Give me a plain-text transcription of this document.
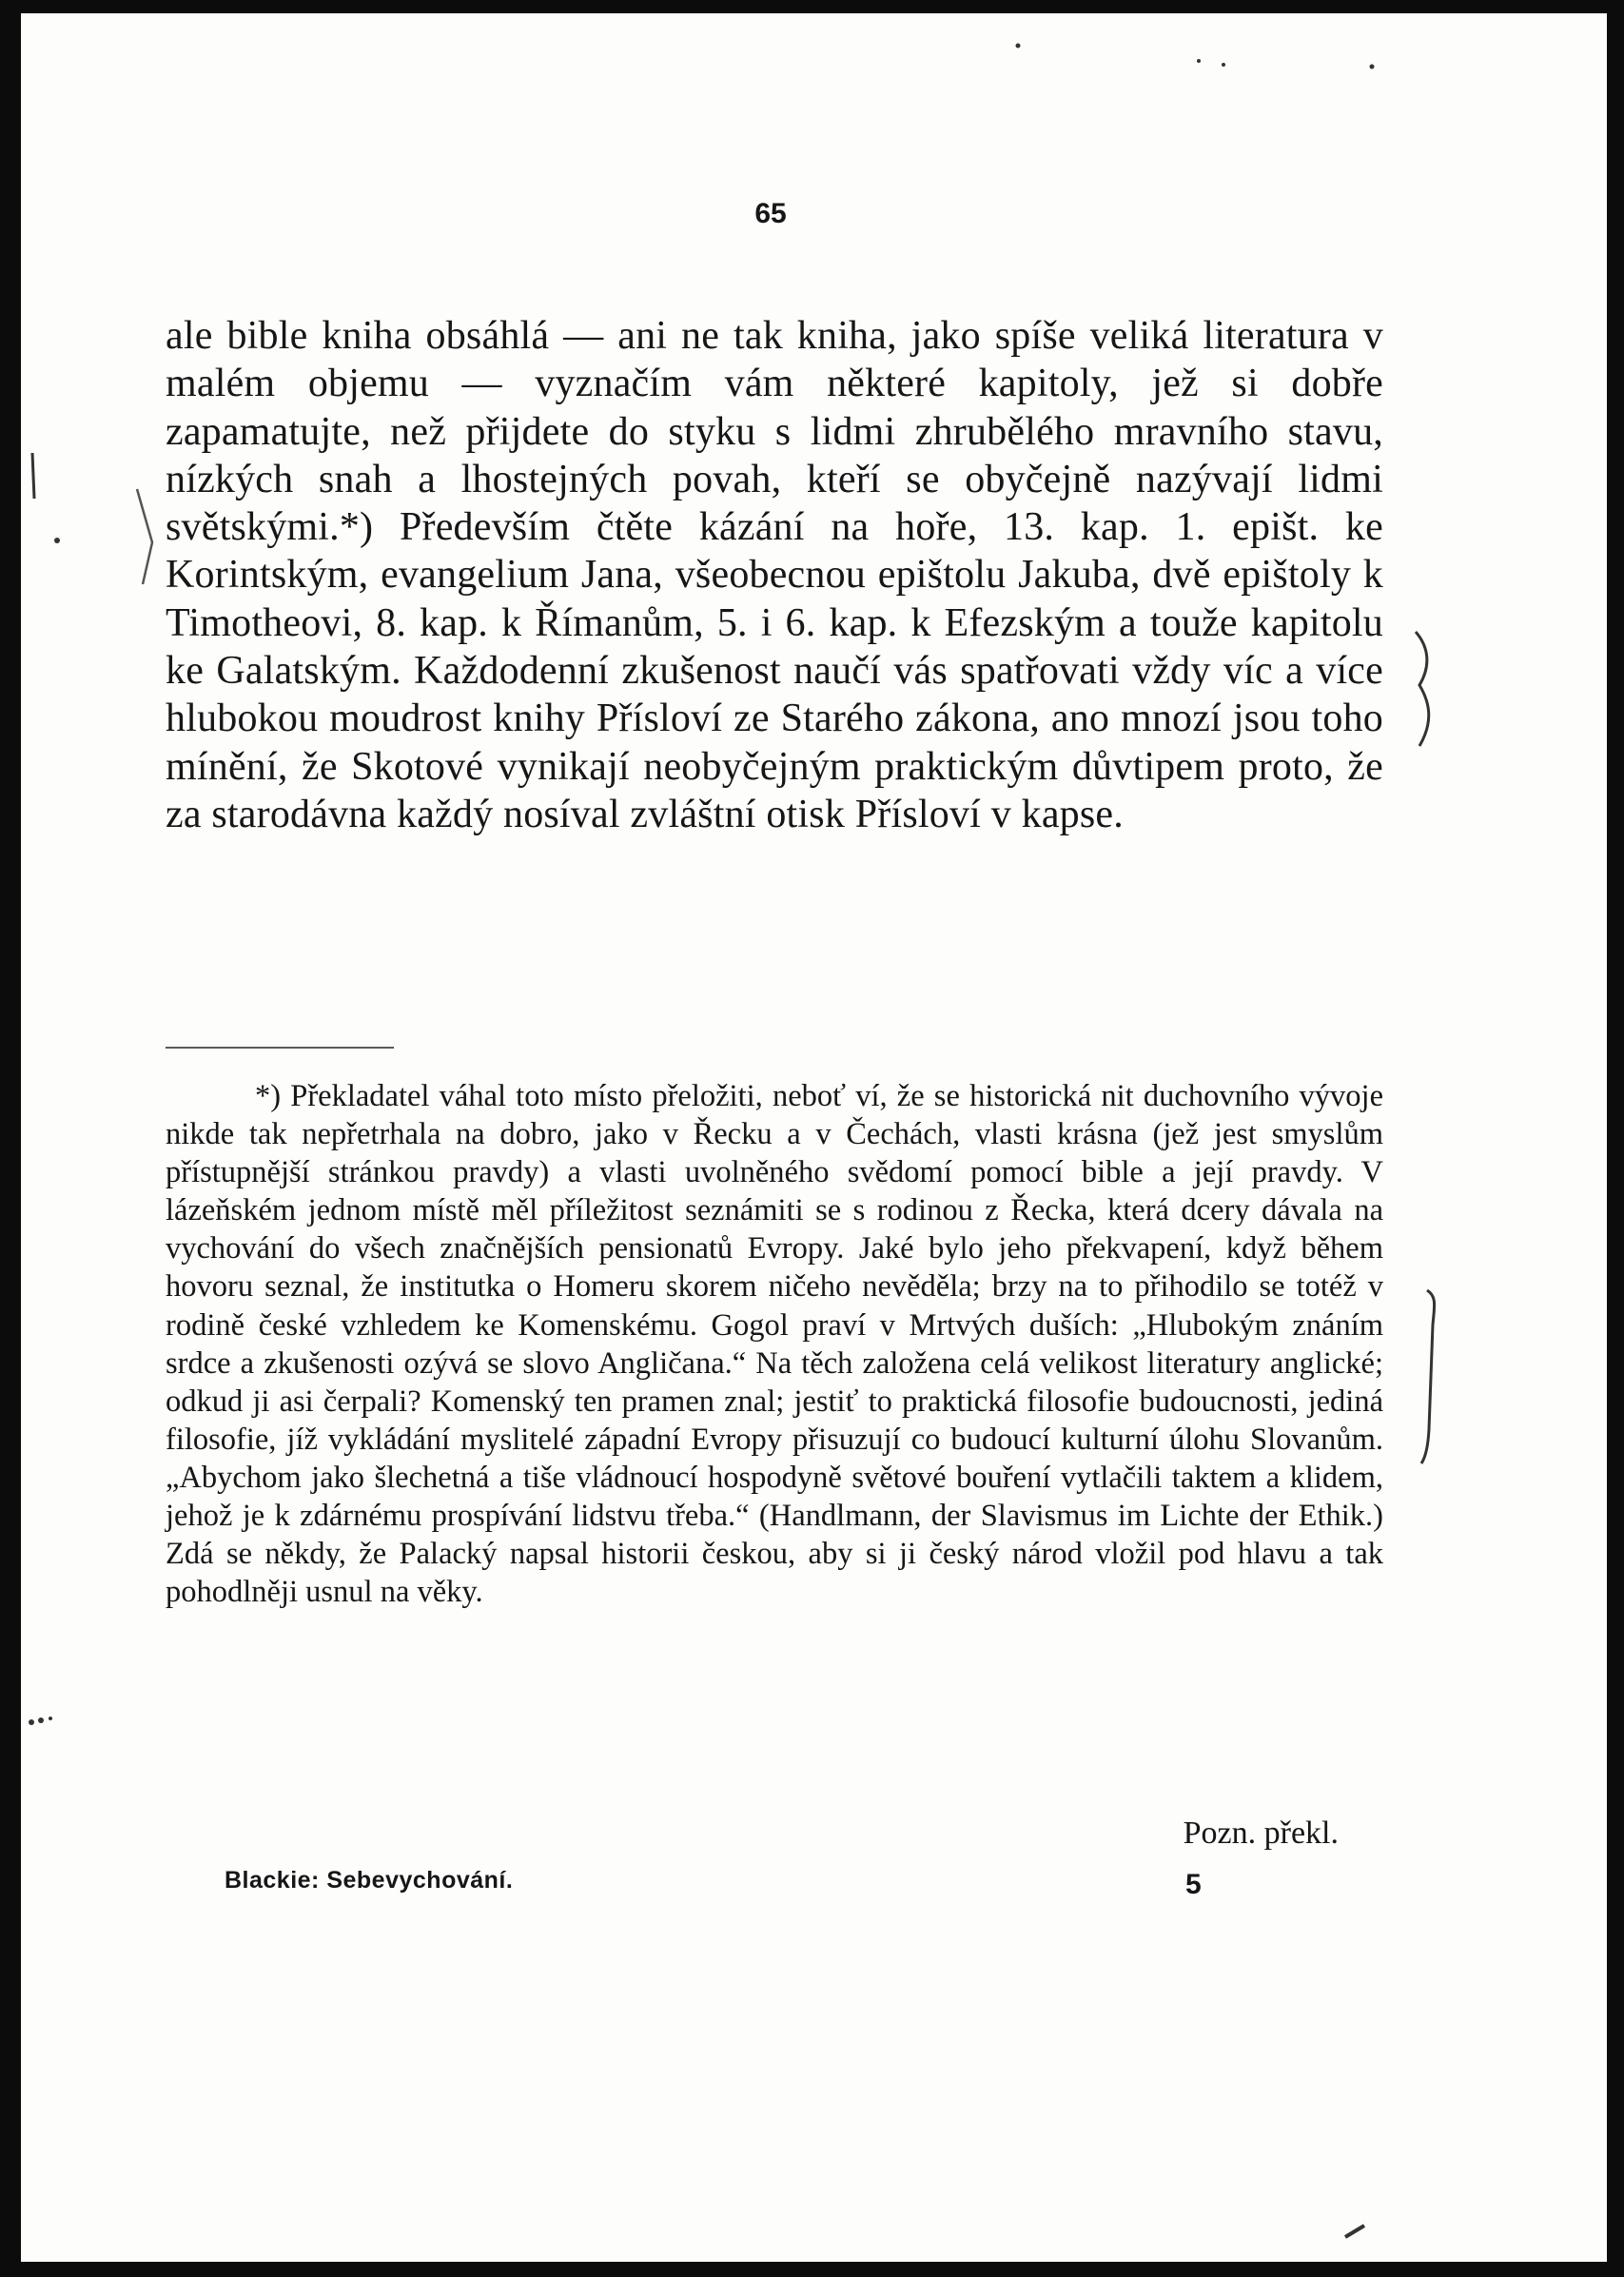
65
ale bible kniha obsáhlá — ani ne tak kniha, jako spíše veliká literatura v malém objemu — vyznačím vám některé kapitoly, jež si dobře zapamatujte, než přijdete do styku s lidmi zhrubělého mravního stavu, nízkých snah a lhostejných povah, kteří se obyčejně nazývají lidmi světskými.*) Především čtěte kázání na hoře, 13. kap. 1. epišt. ke Korintským, evangelium Jana, všeobecnou epištolu Jakuba, dvě epištoly k Timotheovi, 8. kap. k Římanům, 5. i 6. kap. k Efezským a touže kapitolu ke Galatským. Každodenní zkušenost naučí vás spatřovati vždy víc a více hlubokou moudrost knihy Přísloví ze Starého zákona, ano mnozí jsou toho mínění, že Skotové vynikají neobyčejným praktickým důvtipem proto, že za starodávna každý nosíval zvláštní otisk Přísloví v kapse.
*) Překladatel váhal toto místo přeložiti, neboť ví, že se historická nit duchovního vývoje nikde tak nepřetrhala na dobro, jako v Řecku a v Čechách, vlasti krásna (jež jest smyslům přístupnější stránkou pravdy) a vlasti uvolněného svědomí pomocí bible a její pravdy. V lázeňském jednom místě měl příležitost seznámiti se s rodinou z Řecka, která dcery dávala na vychování do všech značnějších pensionatů Evropy. Jaké bylo jeho překvapení, když během hovoru seznal, že institutka o Homeru skorem ničeho nevěděla; brzy na to přihodilo se totéž v rodině české vzhledem ke Komenskému. Gogol praví v Mrtvých duších: „Hlubokým znáním srdce a zkušenosti ozývá se slovo Angličana.“ Na těch založena celá velikost literatury anglické; odkud ji asi čerpali? Komenský ten pramen znal; jestiť to praktická filosofie budoucnosti, jediná filosofie, jíž vykládání myslitelé západní Evropy přisuzují co budoucí kulturní úlohu Slovanům. „Abychom jako šlechetná a tiše vládnoucí hospodyně světové bouření vytlačili taktem a klidem, jehož je k zdárnému prospívání lidstvu třeba.“ (Handlmann, der Slavismus im Lichte der Ethik.) Zdá se někdy, že Palacký napsal historii českou, aby si ji český národ vložil pod hlavu a tak pohodlněji usnul na věky.
Pozn. překl.
Blackie: Sebevychování.	5
